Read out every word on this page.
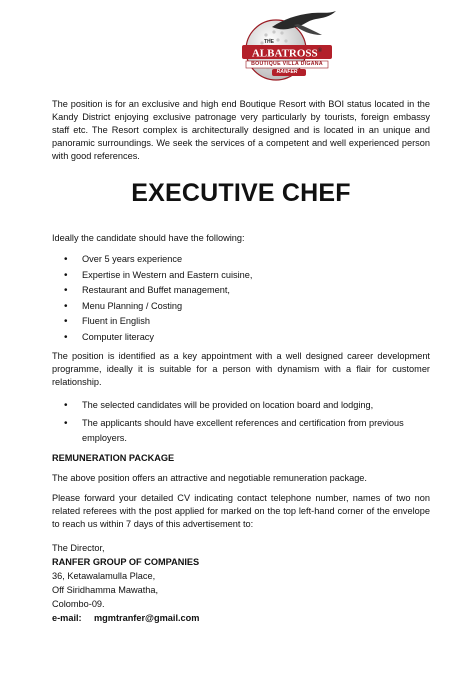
THE
ALBATROSS®
BOUTIQUE VILLA DIGANA
RANFER

The position is for an exclusive and high end Boutique Resort with BOI status located in the Kandy District enjoying exclusive patronage very particularly by tourists, foreign embassy staff etc. The Resort complex is architecturally designed and is located in an unique and panoramic surroundings. We seek the services of a competent and well experienced person with good references.

EXECUTIVE CHEF

Ideally the candidate should have the following:

• Over 5 years experience
• Expertise in Western and Eastern cuisine,
• Restaurant and Buffet management,
• Menu Planning / Costing
• Fluent in English
• Computer literacy

The position is identified as a key appointment with a well designed career development programme, ideally it is suitable for a person with dynamism with a flair for customer relationship.

• The selected candidates will be provided on location board and lodging,
• The applicants should have excellent references and certification from previous employers.
REMUNERATION PACKAGE

The above position offers an attractive and negotiable remuneration package.

Please forward your detailed CV indicating contact telephone number, names of two non related referees with the post applied for marked on the top left-hand corner of the envelope to reach us within 7 days of this advertisement to:

The Director,
RANFER GROUP OF COMPANIES
36, Ketawalamulla Place,
Off Siridhamma Mawatha,
Colombo-09.
e-mail: mgmtranfer@gmail.com
